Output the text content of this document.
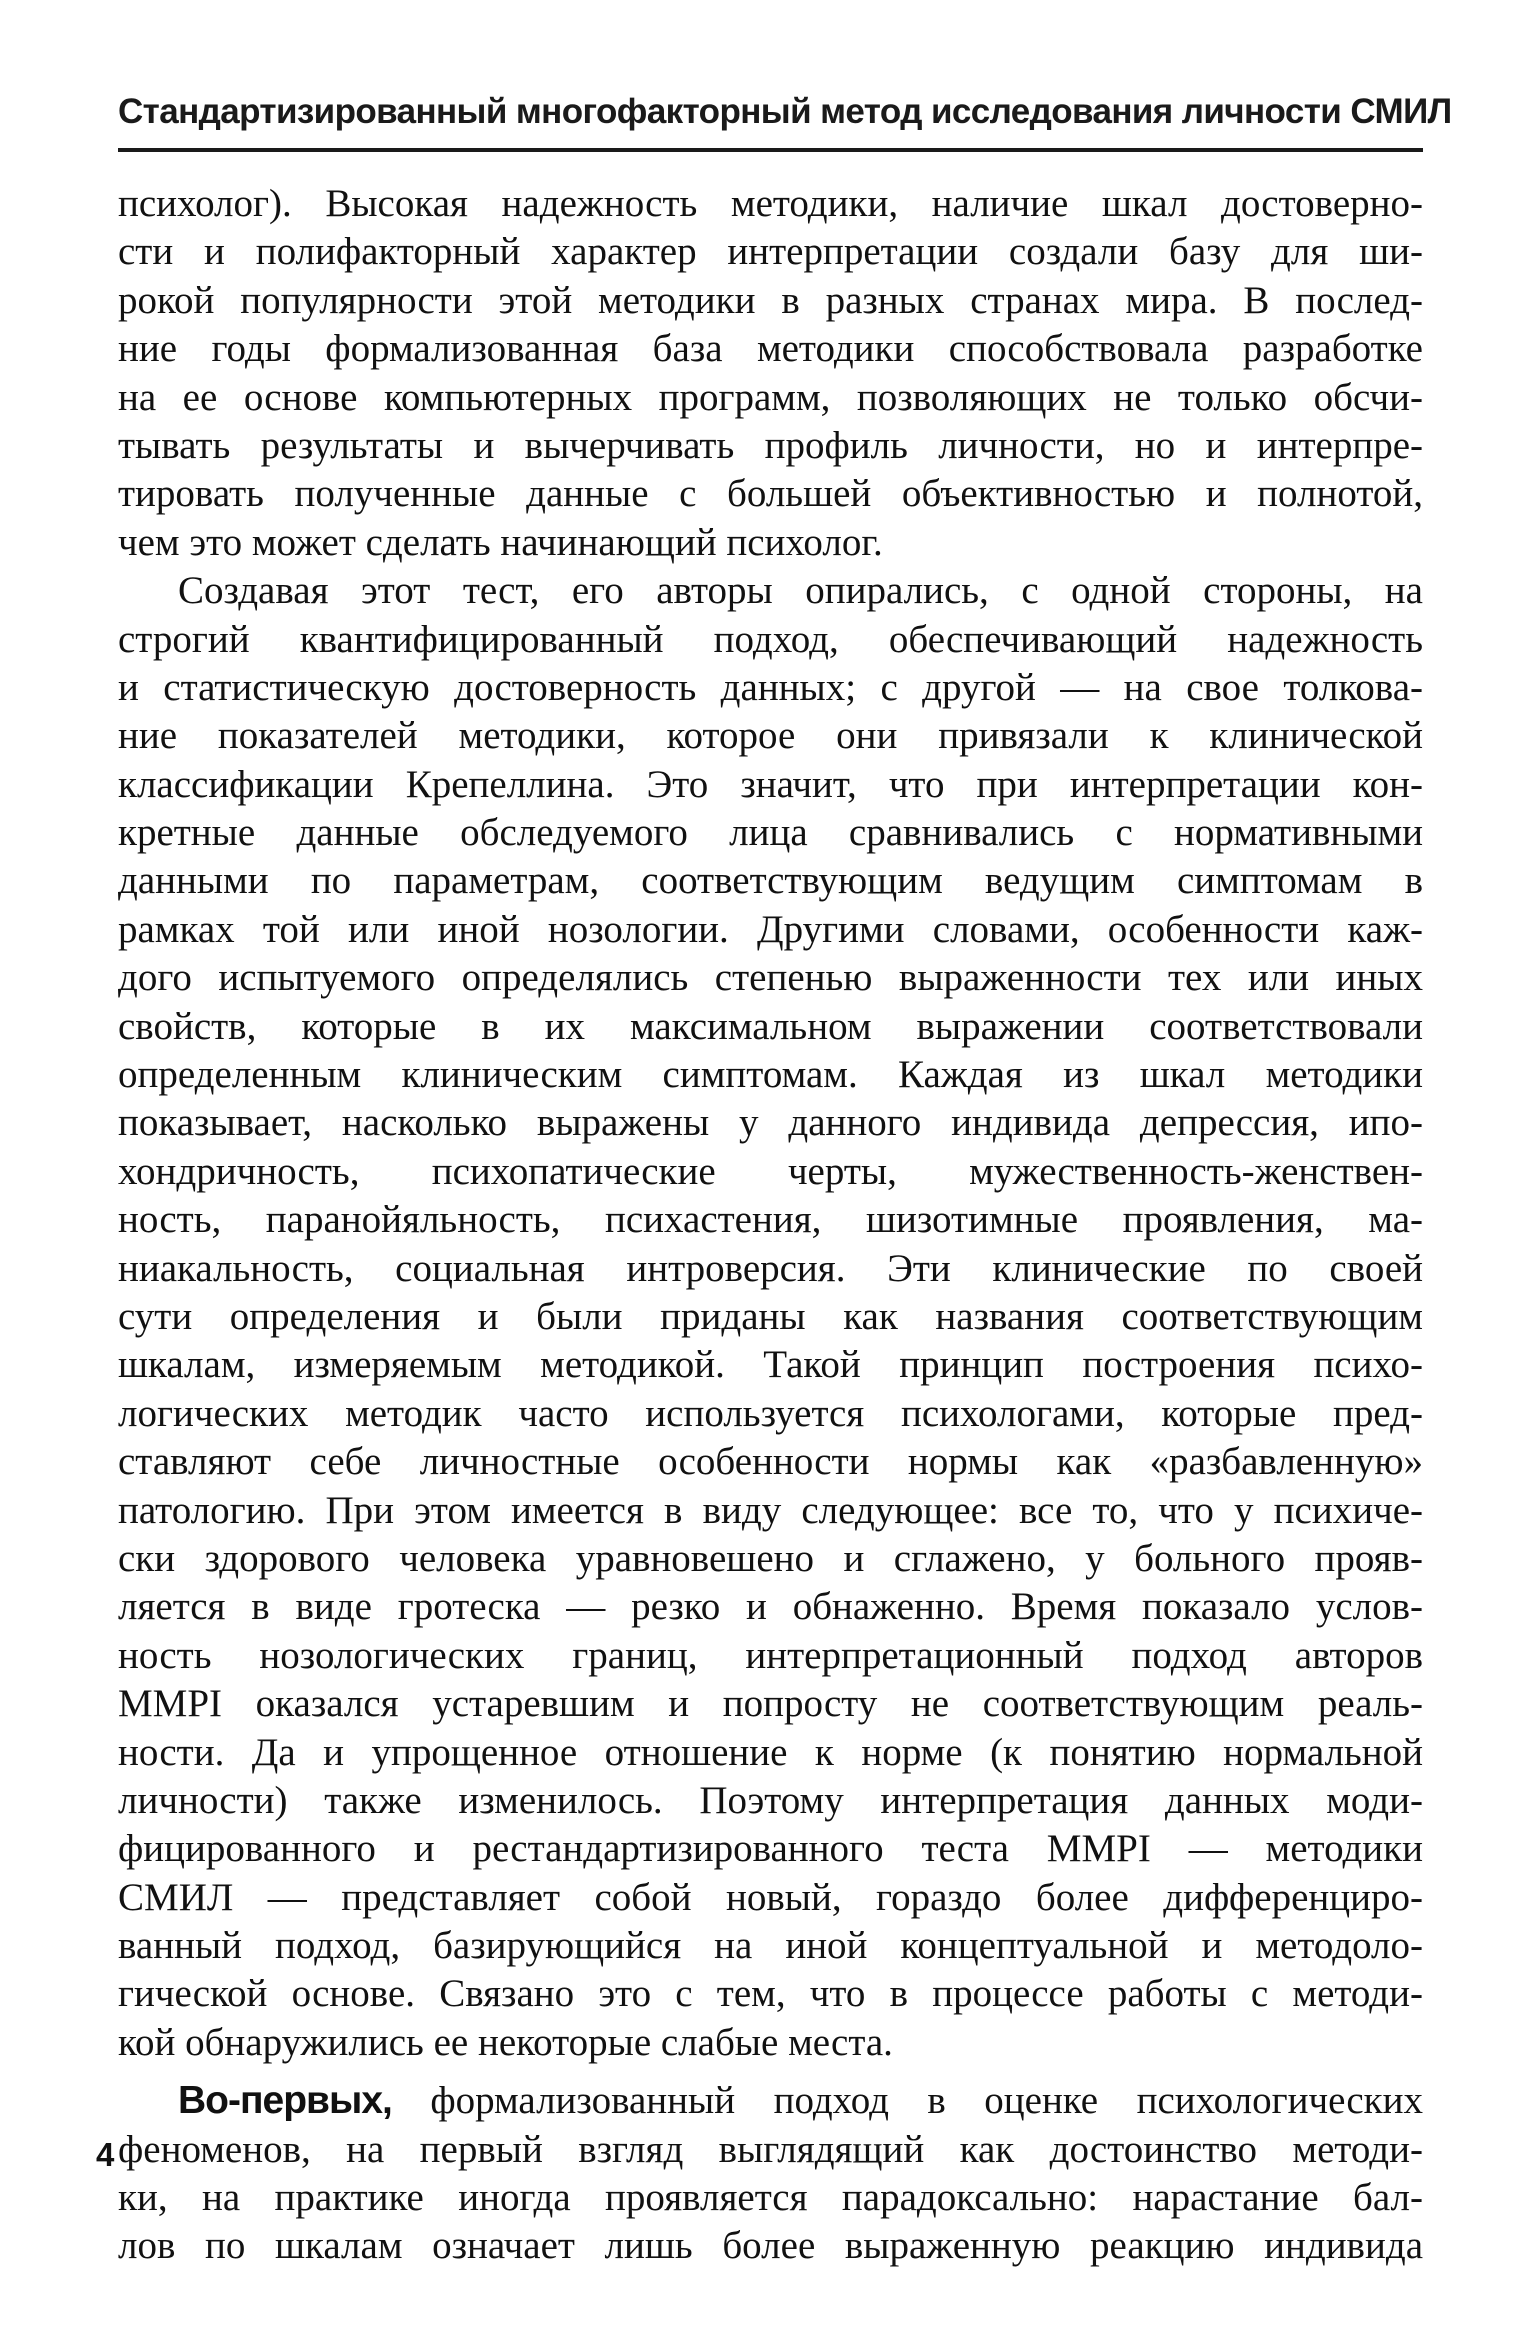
Стандартизированный многофакторный метод исследования личности СМИЛ
психолог). Высокая надежность методики, наличие шкал достоверно-
сти и полифакторный характер интерпретации создали базу для ши-
рокой популярности этой методики в разных странах мира. В послед-
ние годы формализованная база методики способствовала разработке
на ее основе компьютерных программ, позволяющих не только обсчи-
тывать результаты и вычерчивать профиль личности, но и интерпре-
тировать полученные данные с большей объективностью и полнотой,
чем это может сделать начинающий психолог.
Создавая этот тест, его авторы опирались, с одной стороны, на
строгий квантифицированный подход, обеспечивающий надежность
и статистическую достоверность данных; с другой — на свое толкова-
ние показателей методики, которое они привязали к клинической
классификации Крепеллина. Это значит, что при интерпретации кон-
кретные данные обследуемого лица сравнивались с нормативными
данными по параметрам, соответствующим ведущим симптомам в
рамках той или иной нозологии. Другими словами, особенности каж-
дого испытуемого определялись степенью выраженности тех или иных
свойств, которые в их максимальном выражении соответствовали
определенным клиническим симптомам. Каждая из шкал методики
показывает, насколько выражены у данного индивида депрессия, ипо-
хондричность, психопатические черты, мужественность-женствен-
ность, паранойяльность, психастения, шизотимные проявления, ма-
ниакальность, социальная интроверсия. Эти клинические по своей
сути определения и были приданы как названия соответствующим
шкалам, измеряемым методикой. Такой принцип построения психо-
логических методик часто используется психологами, которые пред-
ставляют себе личностные особенности нормы как «разбавленную»
патологию. При этом имеется в виду следующее: все то, что у психиче-
ски здорового человека уравновешено и сглажено, у больного прояв-
ляется в виде гротеска — резко и обнаженно. Время показало услов-
ность нозологических границ, интерпретационный подход авторов
MMPI оказался устаревшим и попросту не соответствующим реаль-
ности. Да и упрощенное отношение к норме (к понятию нормальной
личности) также изменилось. Поэтому интерпретация данных моди-
фицированного и рестандартизированного теста MMPI — методики
СМИЛ — представляет собой новый, гораздо более дифференциро-
ванный подход, базирующийся на иной концептуальной и методоло-
гической основе. Связано это с тем, что в процессе работы с методи-
кой обнаружились ее некоторые слабые места.
Во-первых, формализованный подход в оценке психологических
феноменов, на первый взгляд выглядящий как достоинство методи-
ки, на практике иногда проявляется парадоксально: нарастание бал-
лов по шкалам означает лишь более выраженную реакцию индивида
4
